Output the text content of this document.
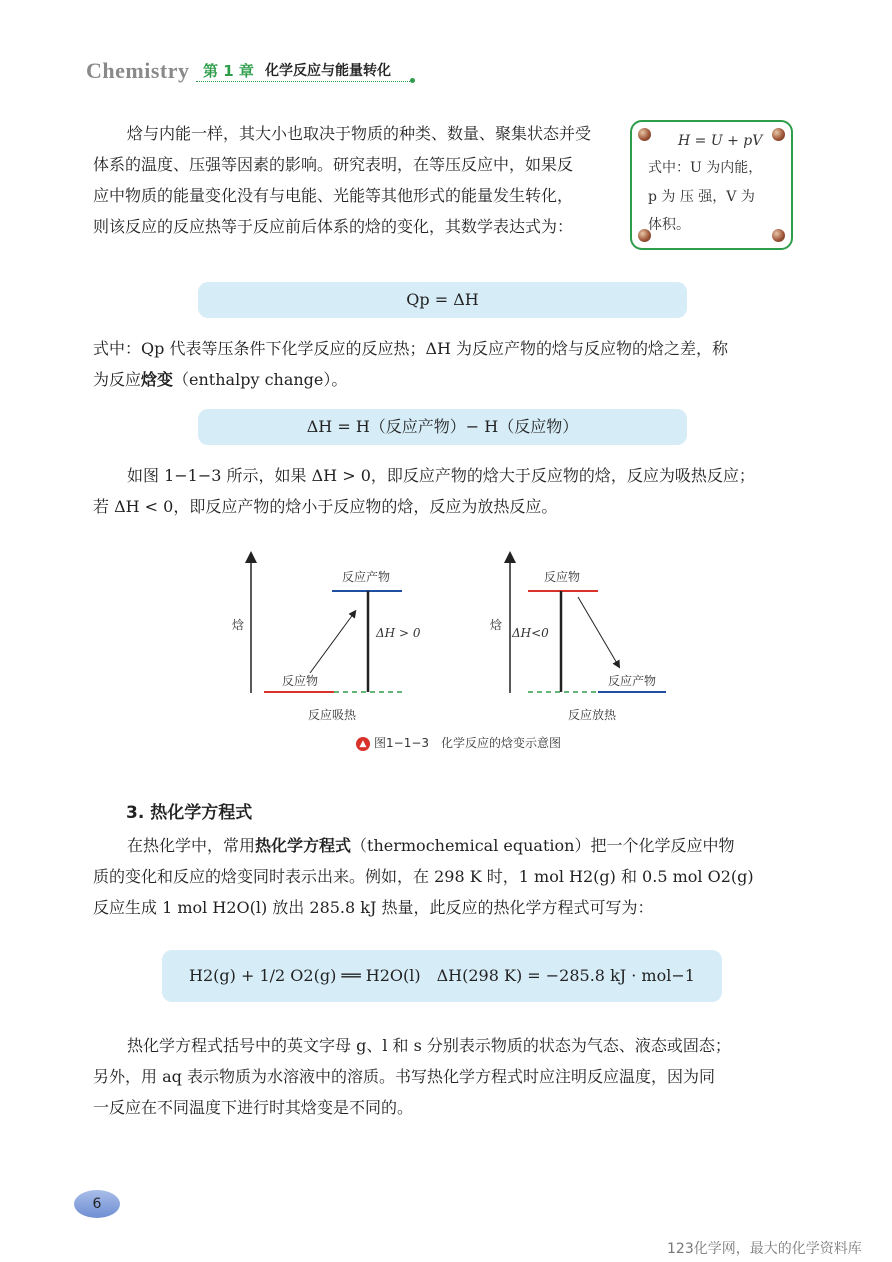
Chemistry 第 1 章 化学反应与能量转化

焓与内能一样，其大小也取决于物质的种类、数量、聚集状态并受

体系的温度、压强等因素的影响。研究表明，在等压反应中，如果反

应中物质的能量变化没有与电能、光能等其他形式的能量发生转化，

则该反应的反应热等于反应前后体系的焓的变化，其数学表达式为：

H = U + pV
式中：U 为内能，
p 为 压 强，V 为
体积。
Qp = ΔH

式中：Qp 代表等压条件下化学反应的反应热；ΔH 为反应产物的焓与反应物的焓之差，称

为反应焓变（enthalpy change）。

ΔH = H（反应产物）− H（反应物）

如图 1−1−3 所示，如果 ΔH > 0，即反应产物的焓大于反应物的焓，反应为吸热反应；

若 ΔH < 0，即反应产物的焓小于反应物的焓，反应为放热反应。

焓
反应产物
反应物
ΔH > 0
反应吸热
焓
反应物
反应产物
ΔH<0
反应放热
▲ 图1−1−3　化学反应的焓变示意图
3. 热化学方程式

在热化学中，常用热化学方程式（thermochemical equation）把一个化学反应中物

质的变化和反应的焓变同时表示出来。例如，在 298 K 时，1 mol H2(g) 和 0.5 mol O2(g)

反应生成 1 mol H2O(l) 放出 285.8 kJ 热量，此反应的热化学方程式可写为：

H2(g) + 1/2 O2(g) ══ H2O(l)　ΔH(298 K) = −285.8 kJ · mol−1

热化学方程式括号中的英文字母 g、l 和 s 分别表示物质的状态为气态、液态或固态；

另外，用 aq 表示物质为水溶液中的溶质。书写热化学方程式时应注明反应温度，因为同

一反应在不同温度下进行时其焓变是不同的。

6
123化学网，最大的化学资料库
